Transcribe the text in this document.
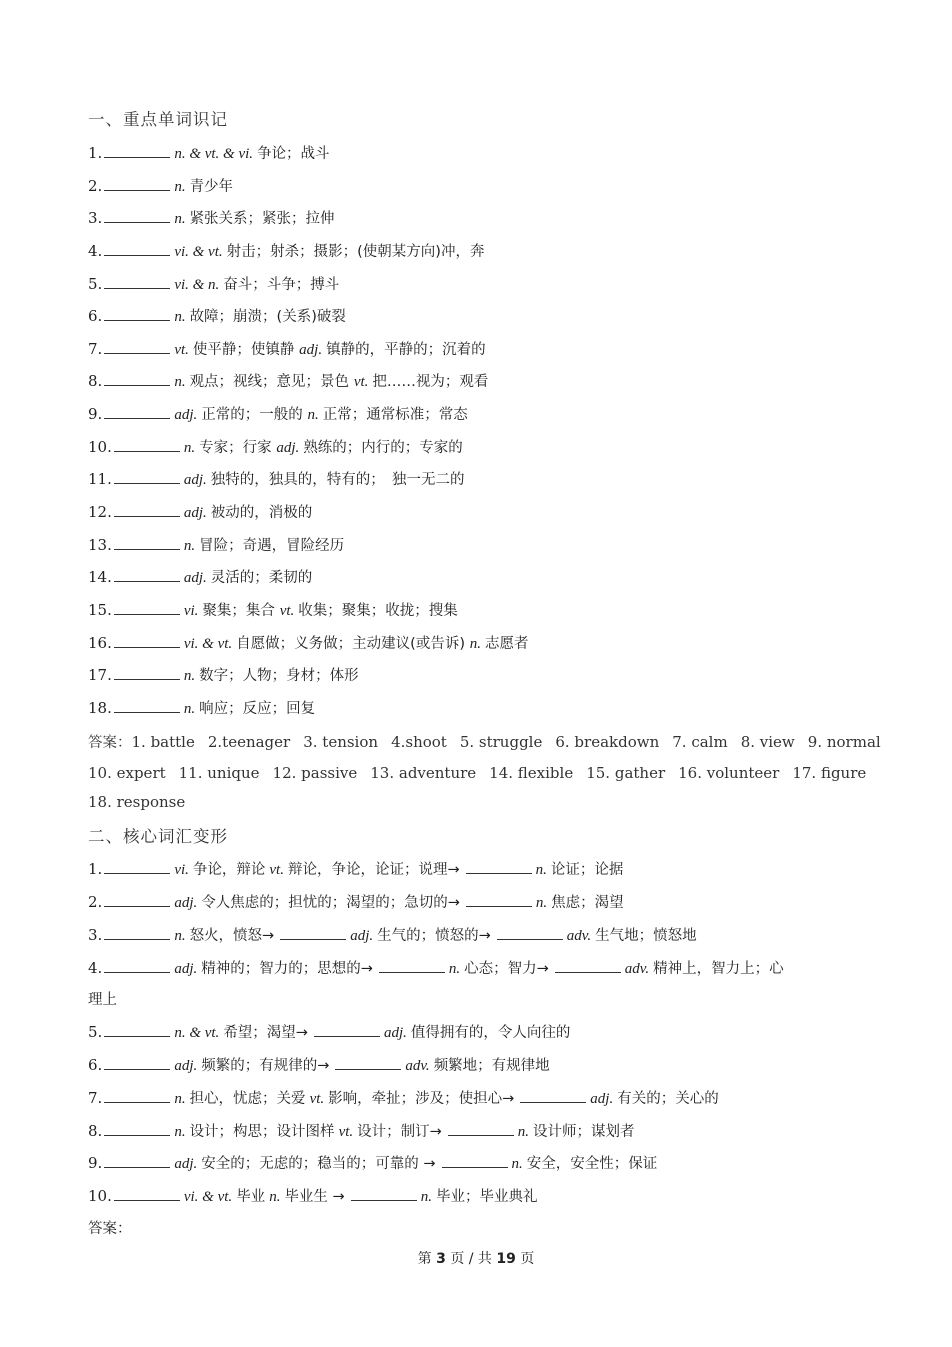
一、重点单词识记
1.	n. & vt. & vi. 争论；战斗
2.	n. 青少年
3.	n. 紧张关系；紧张；拉伸
4.	vi. & vt. 射击；射杀；摄影；(使朝某方向)冲，奔
5.	vi. & n. 奋斗；斗争；搏斗
6.	n. 故障；崩溃；(关系)破裂
7.	vt. 使平静；使镇静 adj. 镇静的，平静的；沉着的
8.	n. 观点；视线；意见；景色 vt. 把……视为；观看
9.	adj. 正常的；一般的 n. 正常；通常标准；常态
10.	n. 专家；行家 adj. 熟练的；内行的；专家的
11.	adj. 独特的，独具的，特有的；　独一无二的
12.	adj. 被动的，消极的
13.	n. 冒险；奇遇，冒险经历
14.	adj. 灵活的；柔韧的
15.	vi. 聚集；集合 vt. 收集；聚集；收拢；搜集
16.	vi. & vt. 自愿做；义务做；主动建议(或告诉) n. 志愿者
17.	n. 数字；人物；身材；体形
18.	n. 响应；反应；回复
答案：1. battle 2.teenager 3. tension 4.shoot 5. struggle 6. breakdown 7. calm 8. view 9. normal
10. expert 11. unique 12. passive 13. adventure 14. flexible 15. gather 16. volunteer 17. figure
18. response
二、核心词汇变形
1.	vi. 争论，辩论 vt. 辩论，争论，论证；说理→	n. 论证；论据
2.	adj. 令人焦虑的；担忧的；渴望的；急切的→	n. 焦虑；渴望
3.	n. 怒火，愤怒→	adj. 生气的；愤怒的→	adv. 生气地；愤怒地
4.	adj. 精神的；智力的；思想的→	n. 心态；智力→	adv. 精神上，智力上；心
5.	n. & vt. 希望；渴望→	adj. 值得拥有的，令人向往的
6.	adj. 频繁的；有规律的→	adv. 频繁地；有规律地
7.	n. 担心，忧虑；关爱 vt. 影响，牵扯；涉及；使担心→	adj. 有关的；关心的
8.	n. 设计；构思；设计图样 vt. 设计；制订→	n. 设计师；谋划者
9.	adj. 安全的；无虑的；稳当的；可靠的 →	n. 安全，安全性；保证
10.	vi. & vt. 毕业 n. 毕业生 →	n. 毕业；毕业典礼
理上
答案：
第 3 页 / 共 19 页
